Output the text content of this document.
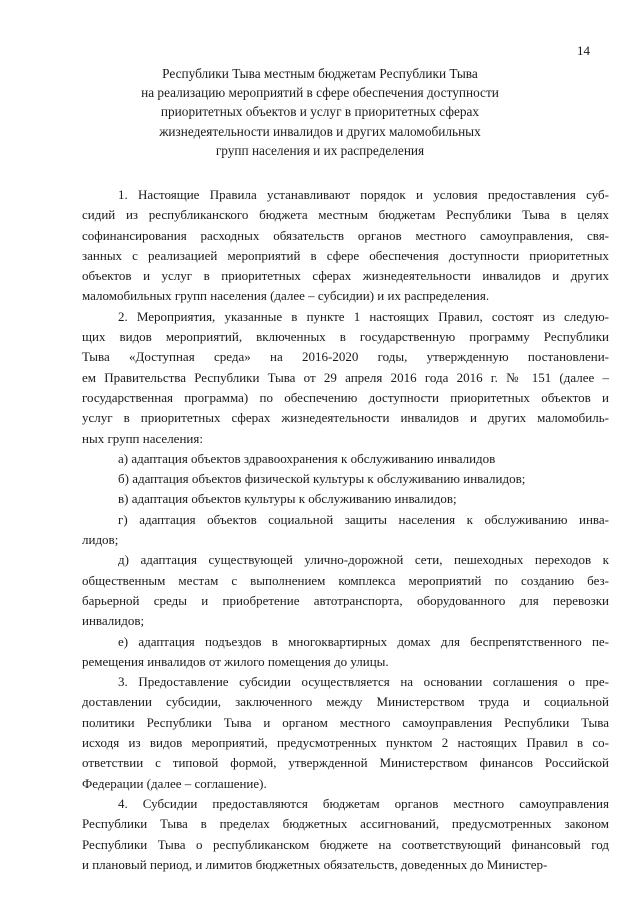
14
Республики Тыва местным бюджетам Республики Тыва
на реализацию мероприятий в сфере обеспечения доступности
приоритетных объектов и услуг в приоритетных сферах
жизнедеятельности инвалидов и других маломобильных
групп населения и их распределения
1. Настоящие Правила устанавливают порядок и условия предоставления суб-
сидий из республиканского бюджета местным бюджетам Республики Тыва в целях
софинансирования расходных обязательств органов местного самоуправления, свя-
занных с реализацией мероприятий в сфере обеспечения доступности приоритетных
объектов и услуг в приоритетных сферах жизнедеятельности инвалидов и других
маломобильных групп населения (далее – субсидии) и их распределения.
2. Мероприятия, указанные в пункте 1 настоящих Правил, состоят из следую-
щих видов мероприятий, включенных в государственную программу Республики
Тыва «Доступная среда» на 2016-2020 годы, утвержденную постановлени-
ем Правительства Республики Тыва от 29 апреля 2016 года 2016 г. № 151 (далее –
государственная программа) по обеспечению доступности приоритетных объектов и
услуг в приоритетных сферах жизнедеятельности инвалидов и других маломобиль-
ных групп населения:
а) адаптация объектов здравоохранения к обслуживанию инвалидов
б) адаптация объектов физической культуры к обслуживанию инвалидов;
в) адаптация объектов культуры к обслуживанию инвалидов;
г) адаптация объектов социальной защиты населения к обслуживанию инва-
лидов;
д) адаптация существующей улично-дорожной сети, пешеходных переходов к
общественным местам с выполнением комплекса мероприятий по созданию без-
барьерной среды и приобретение автотранспорта, оборудованного для перевозки
инвалидов;
е) адаптация подъездов в многоквартирных домах для беспрепятственного пе-
ремещения инвалидов от жилого помещения до улицы.
3. Предоставление субсидии осуществляется на основании соглашения о пре-
доставлении субсидии, заключенного между Министерством труда и социальной
политики Республики Тыва и органом местного самоуправления Республики Тыва
исходя из видов мероприятий, предусмотренных пунктом 2 настоящих Правил в со-
ответствии с типовой формой, утвержденной Министерством финансов Российской
Федерации (далее – соглашение).
4. Субсидии предоставляются бюджетам органов местного самоуправления
Республики Тыва в пределах бюджетных ассигнований, предусмотренных законом
Республики Тыва о республиканском бюджете на соответствующий финансовый год
и плановый период, и лимитов бюджетных обязательств, доведенных до Министер-
